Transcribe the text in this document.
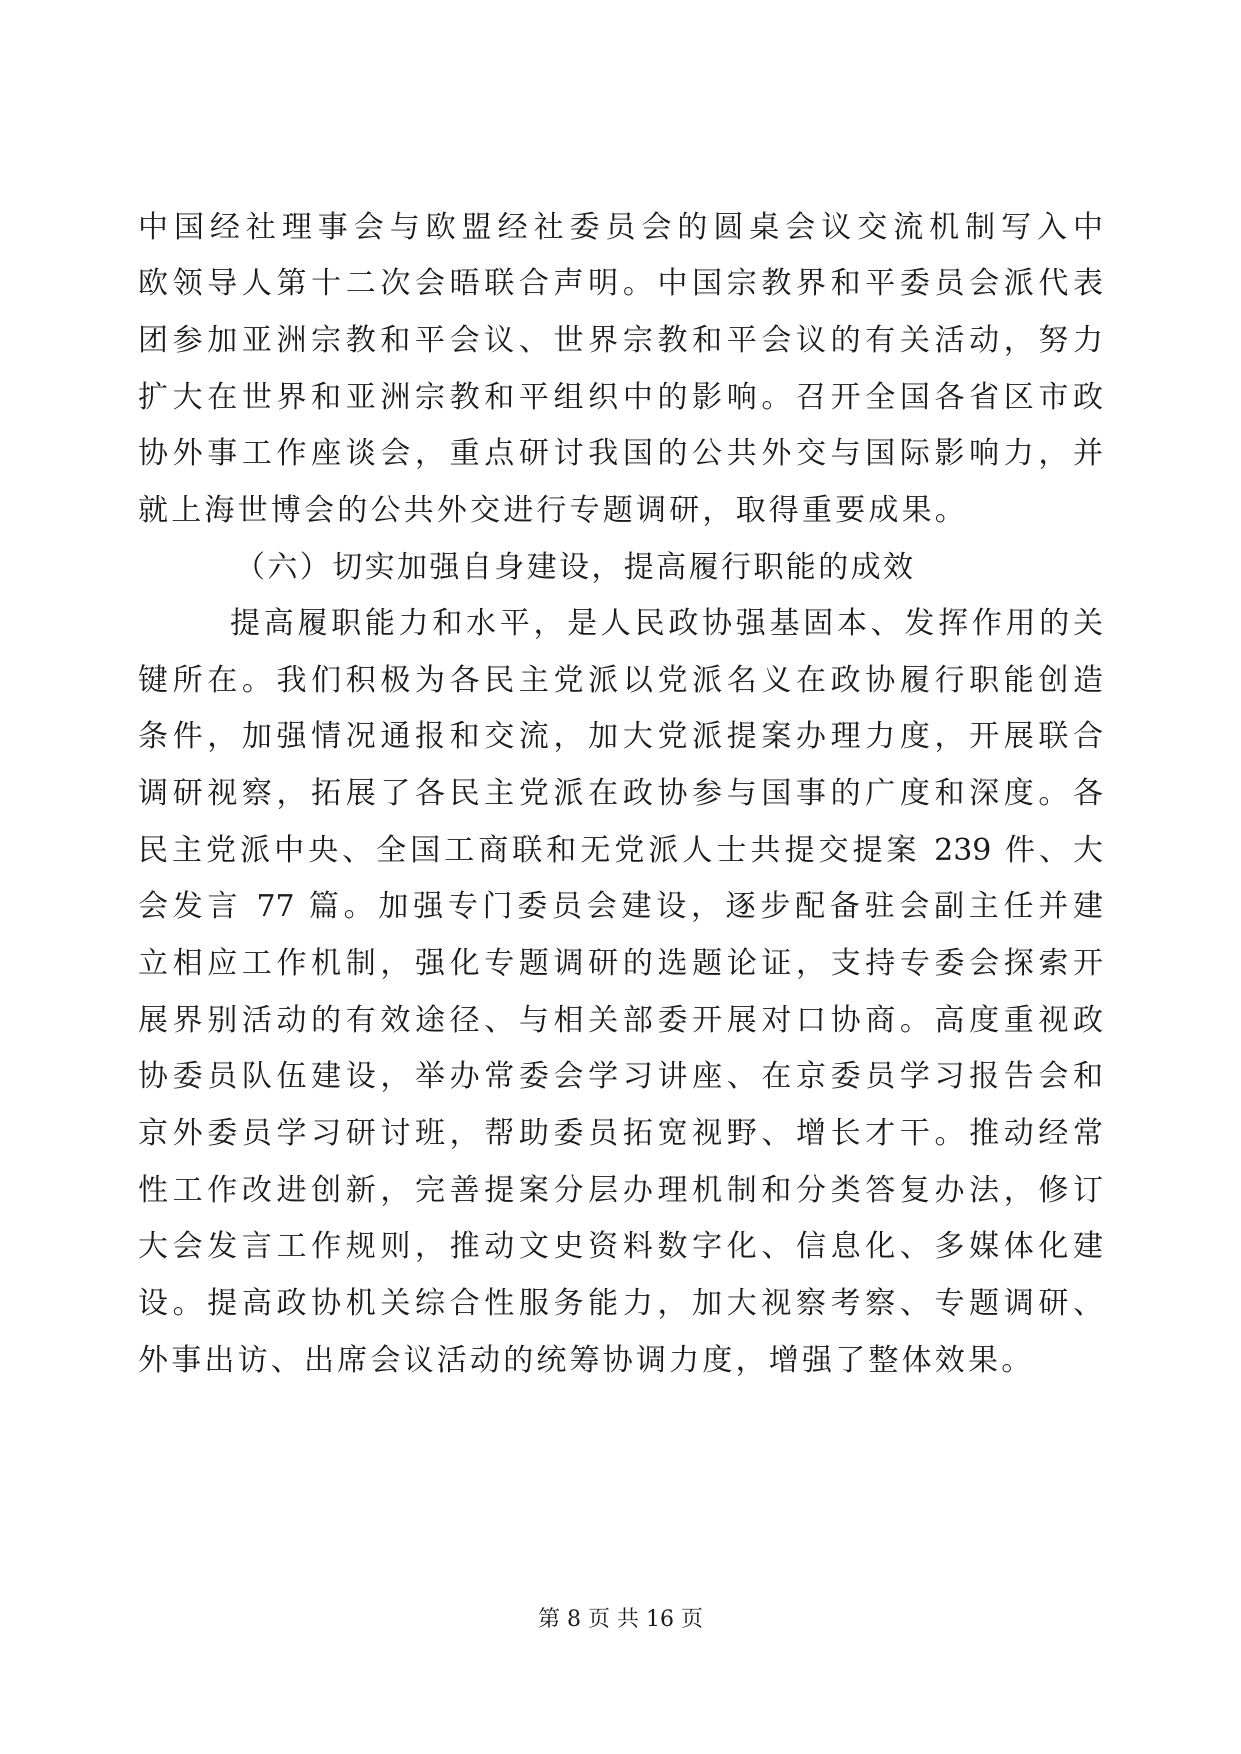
中国经社理事会与欧盟经社委员会的圆桌会议交流机制写入中
欧领导人第十二次会晤联合声明。中国宗教界和平委员会派代表
团参加亚洲宗教和平会议、世界宗教和平会议的有关活动，努力
扩大在世界和亚洲宗教和平组织中的影响。召开全国各省区市政
协外事工作座谈会，重点研讨我国的公共外交与国际影响力，并
就上海世博会的公共外交进行专题调研，取得重要成果。
（六）切实加强自身建设，提高履行职能的成效
提高履职能力和水平，是人民政协强基固本、发挥作用的关
键所在。我们积极为各民主党派以党派名义在政协履行职能创造
条件，加强情况通报和交流，加大党派提案办理力度，开展联合
调研视察，拓展了各民主党派在政协参与国事的广度和深度。各
民主党派中央、全国工商联和无党派人士共提交提案 239 件、大
会发言 77 篇。加强专门委员会建设，逐步配备驻会副主任并建
立相应工作机制，强化专题调研的选题论证，支持专委会探索开
展界别活动的有效途径、与相关部委开展对口协商。高度重视政
协委员队伍建设，举办常委会学习讲座、在京委员学习报告会和
京外委员学习研讨班，帮助委员拓宽视野、增长才干。推动经常
性工作改进创新，完善提案分层办理机制和分类答复办法，修订
大会发言工作规则，推动文史资料数字化、信息化、多媒体化建
设。提高政协机关综合性服务能力，加大视察考察、专题调研、
外事出访、出席会议活动的统筹协调力度，增强了整体效果。
第 8 页 共 16 页
